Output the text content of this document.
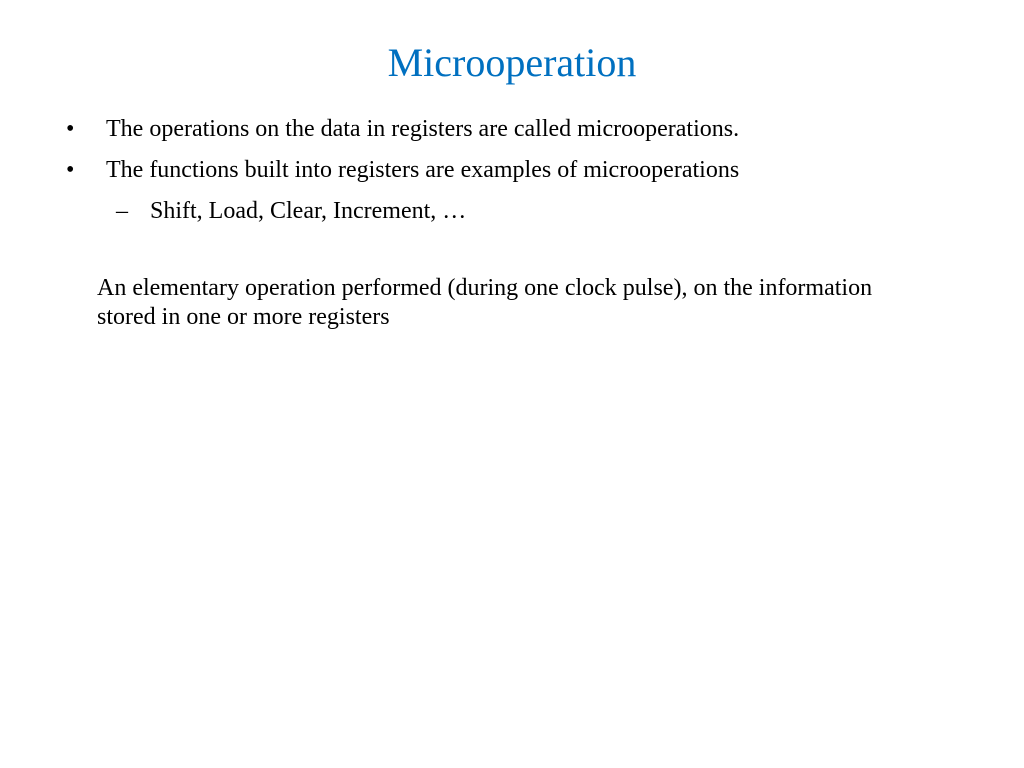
Microoperation
• The operations on the data in registers are called microoperations.
• The functions built into registers are examples of microoperations
– Shift, Load, Clear, Increment, …
An elementary operation performed (during one clock pulse), on the information stored in one or more registers
